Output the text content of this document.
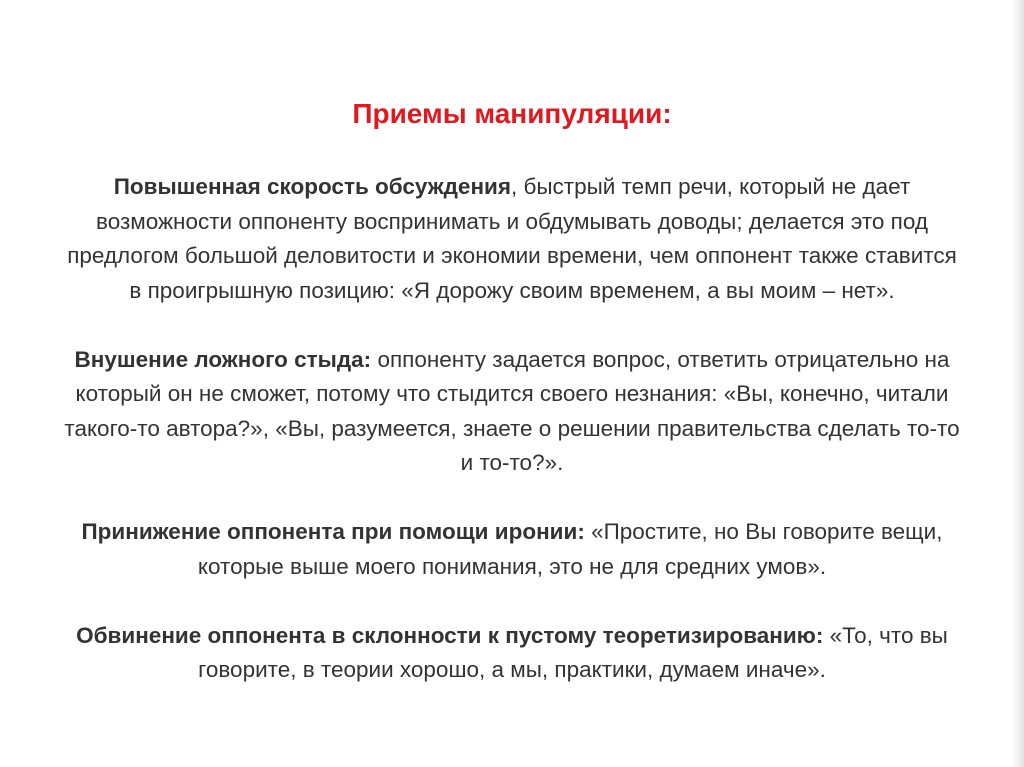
Приемы манипуляции:

Повышенная скорость обсуждения, быстрый темп речи, который не дает возможности оппоненту воспринимать и обдумывать доводы; делается это под предлогом большой деловитости и экономии времени, чем оппонент также ставится в проигрышную позицию: «Я дорожу своим временем, а вы моим – нет».

Внушение ложного стыда: оппоненту задается вопрос, ответить отрицательно на который он не сможет, потому что стыдится своего незнания: «Вы, конечно, читали такого-то автора?», «Вы, разумеется, знаете о решении правительства сделать то-то и то-то?».

Принижение оппонента при помощи иронии: «Простите, но Вы говорите вещи, которые выше моего понимания, это не для средних умов».

Обвинение оппонента в склонности к пустому теоретизированию: «То, что вы говорите, в теории хорошо, а мы, практики, думаем иначе».
